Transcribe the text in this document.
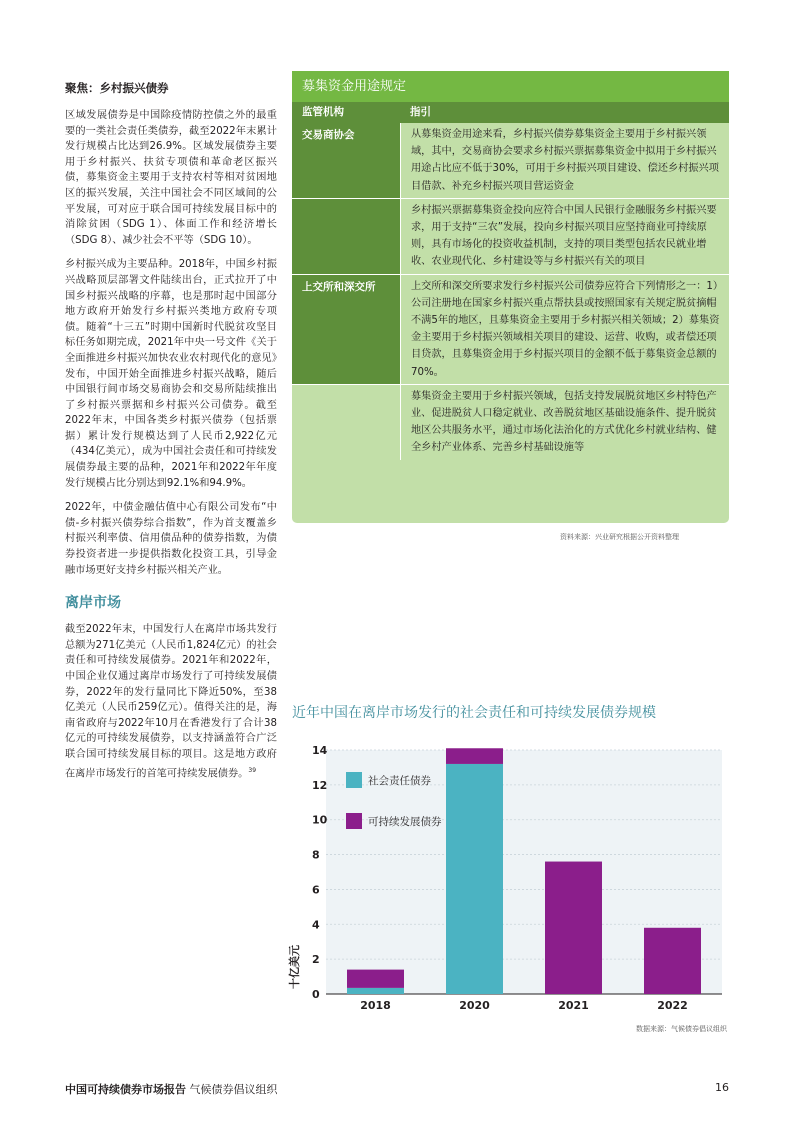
聚焦：乡村振兴债券

区域发展债券是中国除疫情防控债之外的最重要的一类社会责任类债券，截至2022年末累计发行规模占比达到26.9%。区域发展债券主要用于乡村振兴、扶贫专项债和革命老区振兴债，募集资金主要用于支持农村等相对贫困地区的振兴发展，关注中国社会不同区域间的公平发展，可对应于联合国可持续发展目标中的消除贫困（SDG 1）、体面工作和经济增长（SDG 8）、减少社会不平等（SDG 10）。

乡村振兴成为主要品种。2018年，中国乡村振兴战略顶层部署文件陆续出台，正式拉开了中国乡村振兴战略的序幕，也是那时起中国部分地方政府开始发行乡村振兴类地方政府专项债。随着“十三五”时期中国新时代脱贫攻坚目标任务如期完成，2021年中央一号文件《关于全面推进乡村振兴加快农业农村现代化的意见》发布，中国开始全面推进乡村振兴战略，随后中国银行间市场交易商协会和交易所陆续推出了乡村振兴票据和乡村振兴公司债券。截至2022年末，中国各类乡村振兴债券（包括票据）累计发行规模达到了人民币2,922亿元（434亿美元），成为中国社会责任和可持续发展债券最主要的品种，2021年和2022年年度发行规模占比分别达到92.1%和94.9%。

2022年，中债金融估值中心有限公司发布“中债-乡村振兴债券综合指数”，作为首支覆盖乡村振兴利率债、信用债品种的债券指数，为债券投资者进一步提供指数化投资工具，引导金融市场更好支持乡村振兴相关产业。

离岸市场

截至2022年末，中国发行人在离岸市场共发行总额为271亿美元（人民币1,824亿元）的社会责任和可持续发展债券。2021年和2022年，中国企业仅通过离岸市场发行了可持续发展债券，2022年的发行量同比下降近50%，至38亿美元（人民币259亿元）。值得关注的是，海南省政府与2022年10月在香港发行了合计38亿元的可持续发展债券，以支持涵盖符合广泛联合国可持续发展目标的项目。这是地方政府在离岸市场发行的首笔可持续发展债券。$^{39}$

募集资金用途规定
监管机构	指引
交易商协会	从募集资金用途来看，乡村振兴债券募集资金主要用于乡村振兴领域，其中，交易商协会要求乡村振兴票据募集资金中拟用于乡村振兴用途占比应不低于30%，可用于乡村振兴项目建设、偿还乡村振兴项目借款、补充乡村振兴项目营运资金
乡村振兴票据募集资金投向应符合中国人民银行金融服务乡村振兴要求，用于支持“三农”发展，投向乡村振兴项目应坚持商业可持续原则，具有市场化的投资收益机制，支持的项目类型包括农民就业增收、农业现代化、乡村建设等与乡村振兴有关的项目
上交所和深交所	上交所和深交所要求发行乡村振兴公司债券应符合下列情形之一：1）公司注册地在国家乡村振兴重点帮扶县或按照国家有关规定脱贫摘帽不满5年的地区，且募集资金主要用于乡村振兴相关领域；2）募集资金主要用于乡村振兴领域相关项目的建设、运营、收购，或者偿还项目贷款，且募集资金用于乡村振兴项目的金额不低于募集资金总额的70%。
募集资金主要用于乡村振兴领域，包括支持发展脱贫地区乡村特色产业、促进脱贫人口稳定就业、改善脱贫地区基础设施条件、提升脱贫地区公共服务水平，通过市场化法治化的方式优化乡村就业结构、健全乡村产业体系、完善乡村基础设施等
资料来源：兴业研究根据公开资料整理
近年中国在离岸市场发行的社会责任和可持续发展债券规模
0
2
4
6
8
10
12
14
十亿美元
2018	2020	2021	2022
社会责任债券
可持续发展债券
数据来源：气候债券倡议组织
中国可持续债券市场报告 气候债券倡议组织	16
